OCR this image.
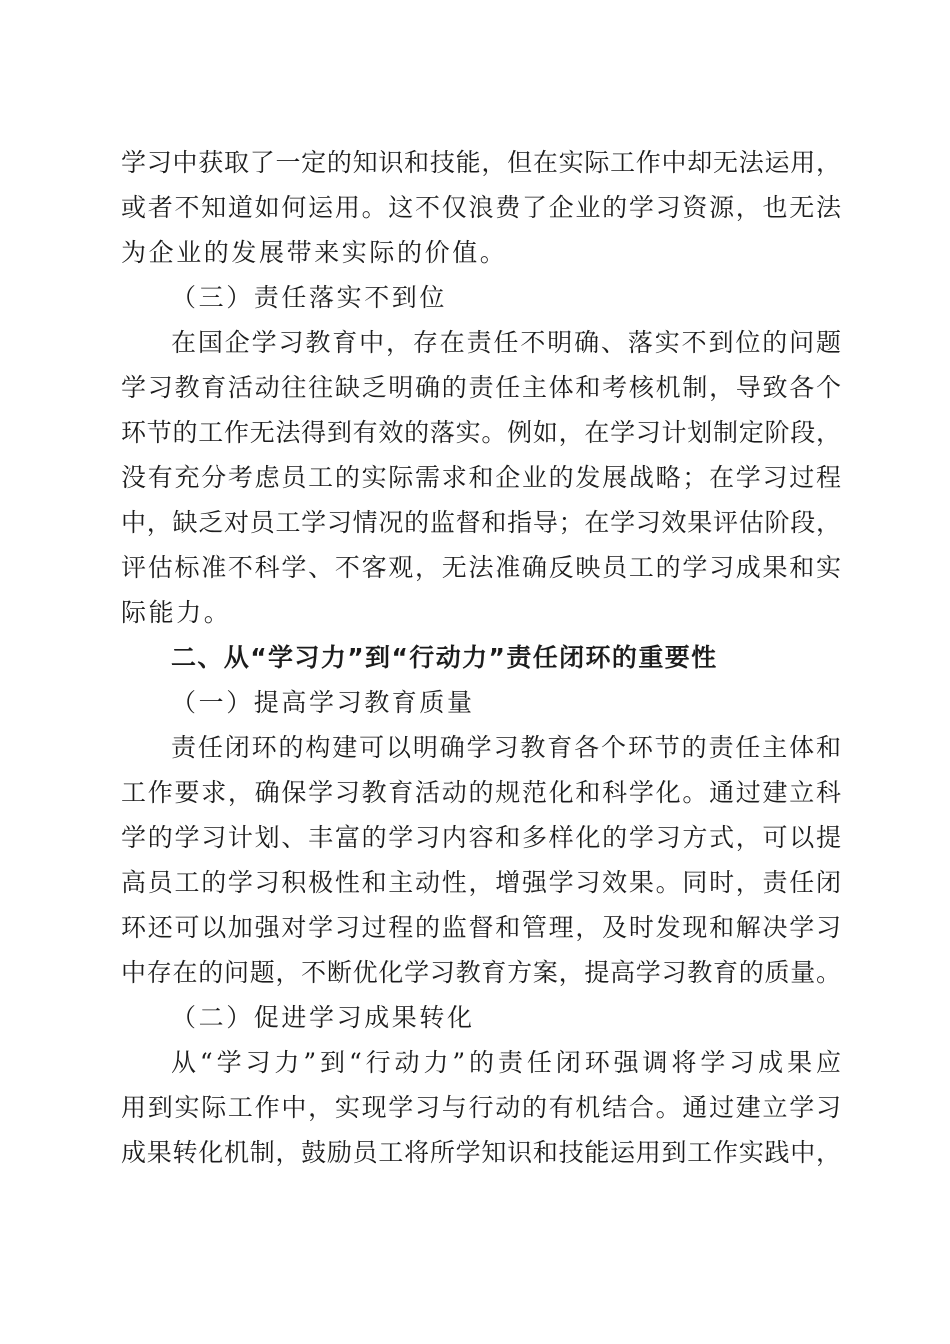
学习中获取了一定的知识和技能，但在实际工作中却无法运用，

或者不知道如何运用。这不仅浪费了企业的学习资源，也无法

为企业的发展带来实际的价值。

（三）责任落实不到位

在国企学习教育中，存在责任不明确、落实不到位的问题

学习教育活动往往缺乏明确的责任主体和考核机制，导致各个

环节的工作无法得到有效的落实。例如，在学习计划制定阶段，

没有充分考虑员工的实际需求和企业的发展战略；在学习过程

中，缺乏对员工学习情况的监督和指导；在学习效果评估阶段，

评估标准不科学、不客观，无法准确反映员工的学习成果和实

际能力。

二、从“学习力”到“行动力”责任闭环的重要性

（一）提高学习教育质量

责任闭环的构建可以明确学习教育各个环节的责任主体和

工作要求，确保学习教育活动的规范化和科学化。通过建立科

学的学习计划、丰富的学习内容和多样化的学习方式，可以提

高员工的学习积极性和主动性，增强学习效果。同时，责任闭

环还可以加强对学习过程的监督和管理，及时发现和解决学习

中存在的问题，不断优化学习教育方案，提高学习教育的质量。

（二）促进学习成果转化

从“学习力”到“行动力”的责任闭环强调将学习成果应

用到实际工作中，实现学习与行动的有机结合。通过建立学习

成果转化机制，鼓励员工将所学知识和技能运用到工作实践中，
